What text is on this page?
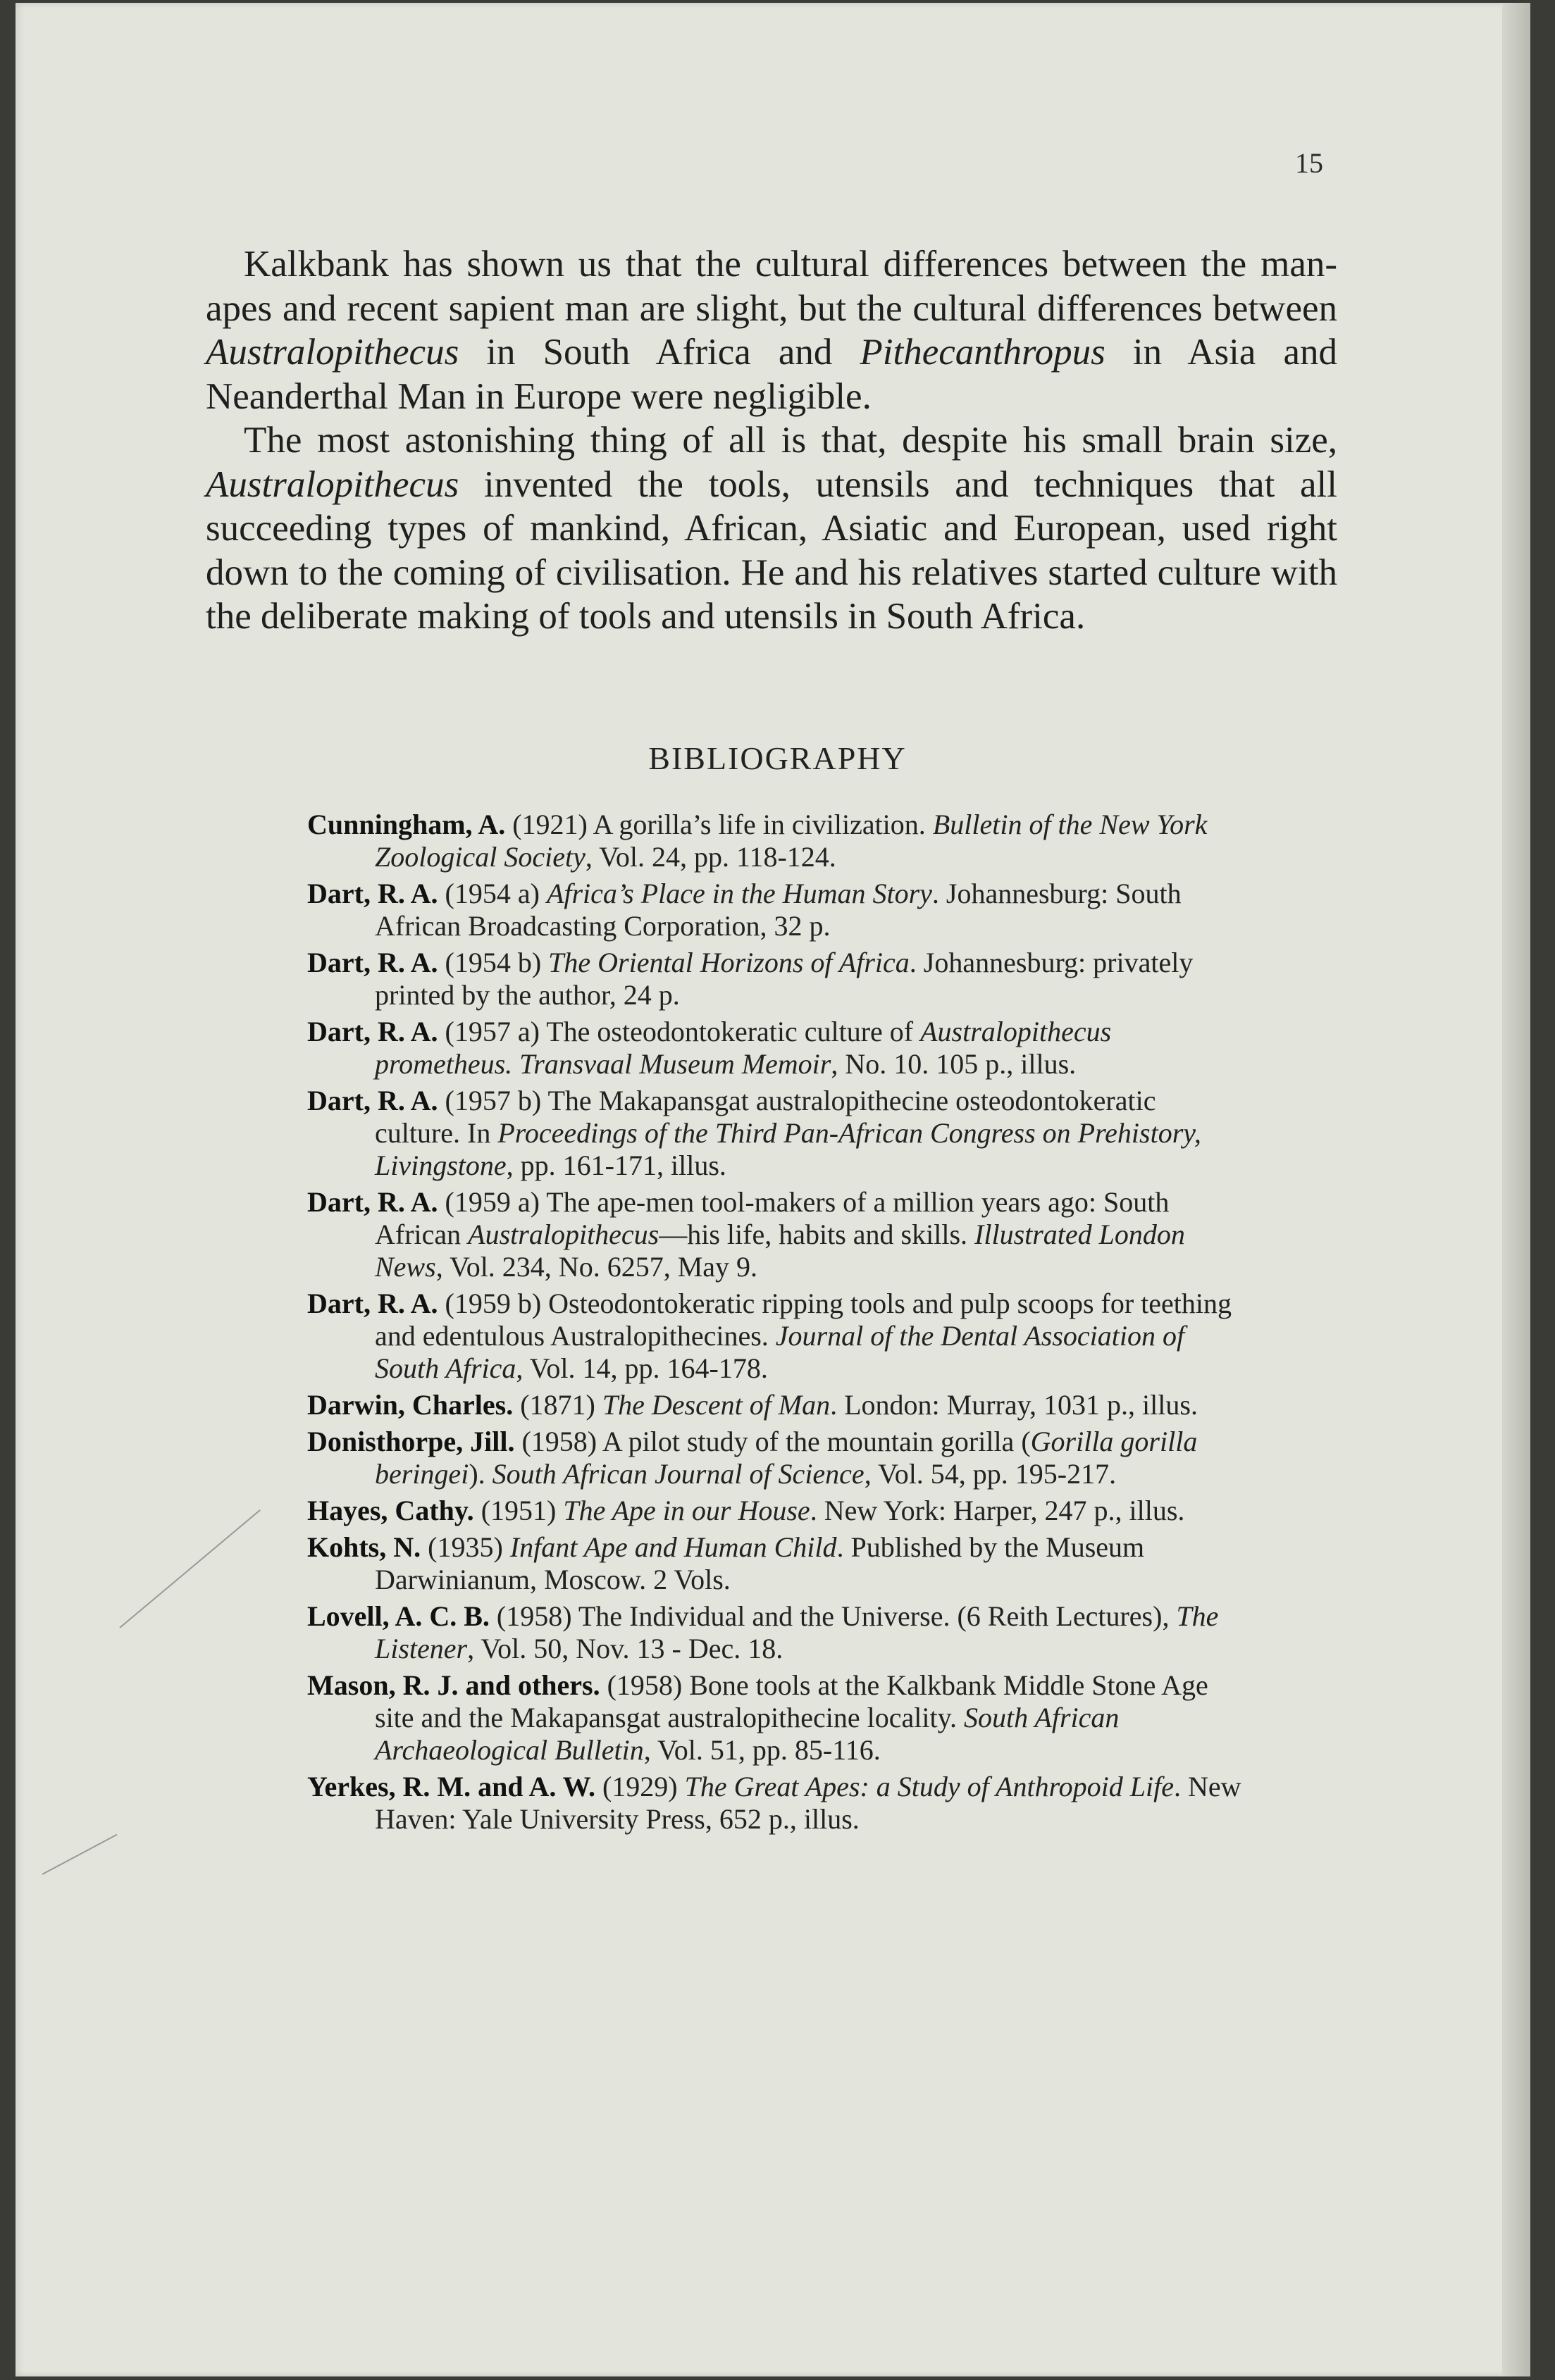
15

Kalkbank has shown us that the cultural differences between the man-apes and recent sapient man are slight, but the cultural differences between Australopithecus in South Africa and Pithecanthropus in Asia and Neanderthal Man in Europe were negligible.

The most astonishing thing of all is that, despite his small brain size, Australopithecus invented the tools, utensils and techniques that all succeeding types of mankind, African, Asiatic and European, used right down to the coming of civilisation. He and his relatives started culture with the deliberate making of tools and utensils in South Africa.

BIBLIOGRAPHY
Cunningham, A. (1921) A gorilla’s life in civilization. Bulletin of the New York Zoological Society, Vol. 24, pp. 118-124.
Dart, R. A. (1954 a) Africa’s Place in the Human Story. Johannesburg: South African Broadcasting Corporation, 32 p.
Dart, R. A. (1954 b) The Oriental Horizons of Africa. Johannesburg: privately printed by the author, 24 p.
Dart, R. A. (1957 a) The osteodontokeratic culture of Australopithecus prometheus. Transvaal Museum Memoir, No. 10. 105 p., illus.
Dart, R. A. (1957 b) The Makapansgat australopithecine osteodontokeratic culture. In Proceedings of the Third Pan-African Congress on Prehistory, Livingstone, pp. 161-171, illus.
Dart, R. A. (1959 a) The ape-men tool-makers of a million years ago: South African Australopithecus—his life, habits and skills. Illustrated London News, Vol. 234, No. 6257, May 9.
Dart, R. A. (1959 b) Osteodontokeratic ripping tools and pulp scoops for teething and edentulous Australopithecines. Journal of the Dental Association of South Africa, Vol. 14, pp. 164-178.
Darwin, Charles. (1871) The Descent of Man. London: Murray, 1031 p., illus.
Donisthorpe, Jill. (1958) A pilot study of the mountain gorilla (Gorilla gorilla beringei). South African Journal of Science, Vol. 54, pp. 195-217.
Hayes, Cathy. (1951) The Ape in our House. New York: Harper, 247 p., illus.
Kohts, N. (1935) Infant Ape and Human Child. Published by the Museum Darwinianum, Moscow. 2 Vols.
Lovell, A. C. B. (1958) The Individual and the Universe. (6 Reith Lectures), The Listener, Vol. 50, Nov. 13 - Dec. 18.
Mason, R. J. and others. (1958) Bone tools at the Kalkbank Middle Stone Age site and the Makapansgat australopithecine locality. South African Archaeological Bulletin, Vol. 51, pp. 85-116.
Yerkes, R. M. and A. W. (1929) The Great Apes: a Study of Anthropoid Life. New Haven: Yale University Press, 652 p., illus.
